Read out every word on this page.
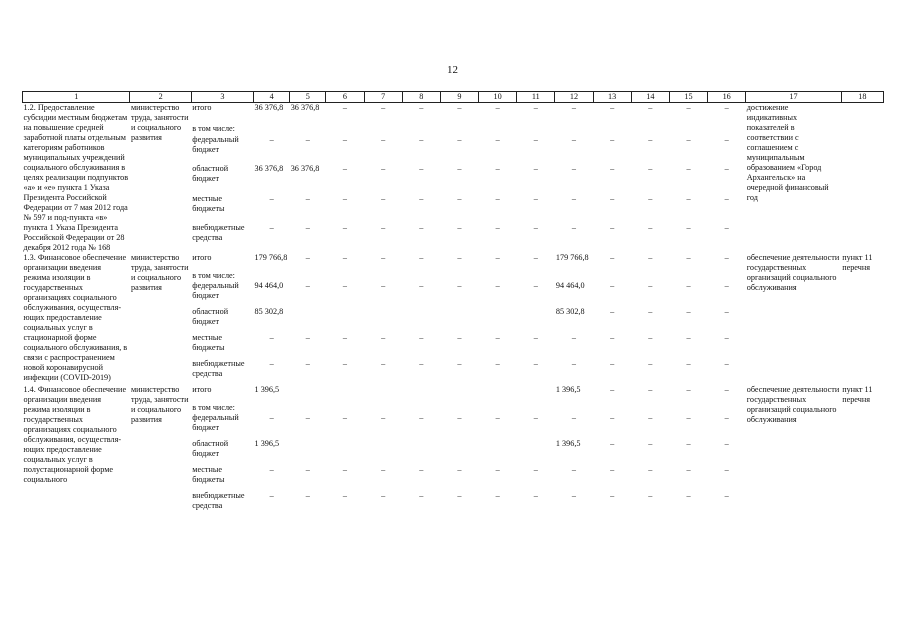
12
1	2	3	4	5	6	7	8	9	10	11	12	13	14	15	16	17	18
1.2. Предоставление субсидии местным бюджетам на повышение средней заработной платы отдельным категориям работников муниципальных учреждений социального обслуживания в целях реализации подпунктов «а» и «е» пункта 1 Указа Президента Российской Федерации от 7 мая 2012 года № 597 и под-пункта «в» пункта 1 Указа Президента Российской Федерации от 28 декабря 2012 года № 168	министерство труда, занятости и социального развития	итого	36 376,8	36 376,8	–	–	–	–	–	–	–	–	–	–	–	достижение индикативных показателей в соответствии с соглашением с муниципальным образованием «Город Архангельск» на очередной финансовый год	
		в том числе:															
		федеральный бюджет	–	–	–	–	–	–	–	–	–	–	–	–	–		
		областной бюджет	36 376,8	36 376,8	–	–	–	–	–	–	–	–	–	–	–		
		местные бюджеты	–	–	–	–	–	–	–	–	–	–	–	–	–		
		внебюджетные средства	–	–	–	–	–	–	–	–	–	–	–	–	–		
1.3. Финансовое обеспечение организации введения режима изоляции в государственных организациях социального обслуживания, осуществля-ющих предоставление социальных услуг в стационарной форме социального обслуживания, в связи с распространением новой коронавирусной инфекции (COVID-2019)	министерство труда, занятости и социального развития	итого	179 766,8	–	–	–	–	–	–	–	179 766,8	–	–	–	–	обеспечение деятельности государственных организаций социального обслуживания	пункт 11 перечня
		в том числе:															
		федеральный бюджет	94 464,0	–	–	–	–	–	–	–	94 464,0	–	–	–	–		
		областной бюджет	85 302,8								85 302,8	–	–	–	–		
		местные бюджеты	–	–	–	–	–	–	–	–	–	–	–	–	–		
		внебюджетные средства	–	–	–	–	–	–	–	–	–	–	–	–	–		
1.4. Финансовое обеспечение организации введения режима изоляции в государственных организациях социального обслуживания, осуществля-ющих предоставление социальных услуг в полустационарной форме социального	министерство труда, занятости и социального развития	итого	1 396,5								1 396,5	–	–	–	–	обеспечение деятельности государственных организаций социального обслуживания	пункт 11 перечня
		в том числе:															
		федеральный бюджет	–	–	–	–	–	–	–	–	–	–	–	–	–		
		областной бюджет	1 396,5								1 396,5	–	–	–	–		
		местные бюджеты	–	–	–	–	–	–	–	–	–	–	–	–	–		
		внебюджетные средства	–	–	–	–	–	–	–	–	–	–	–	–	–		
